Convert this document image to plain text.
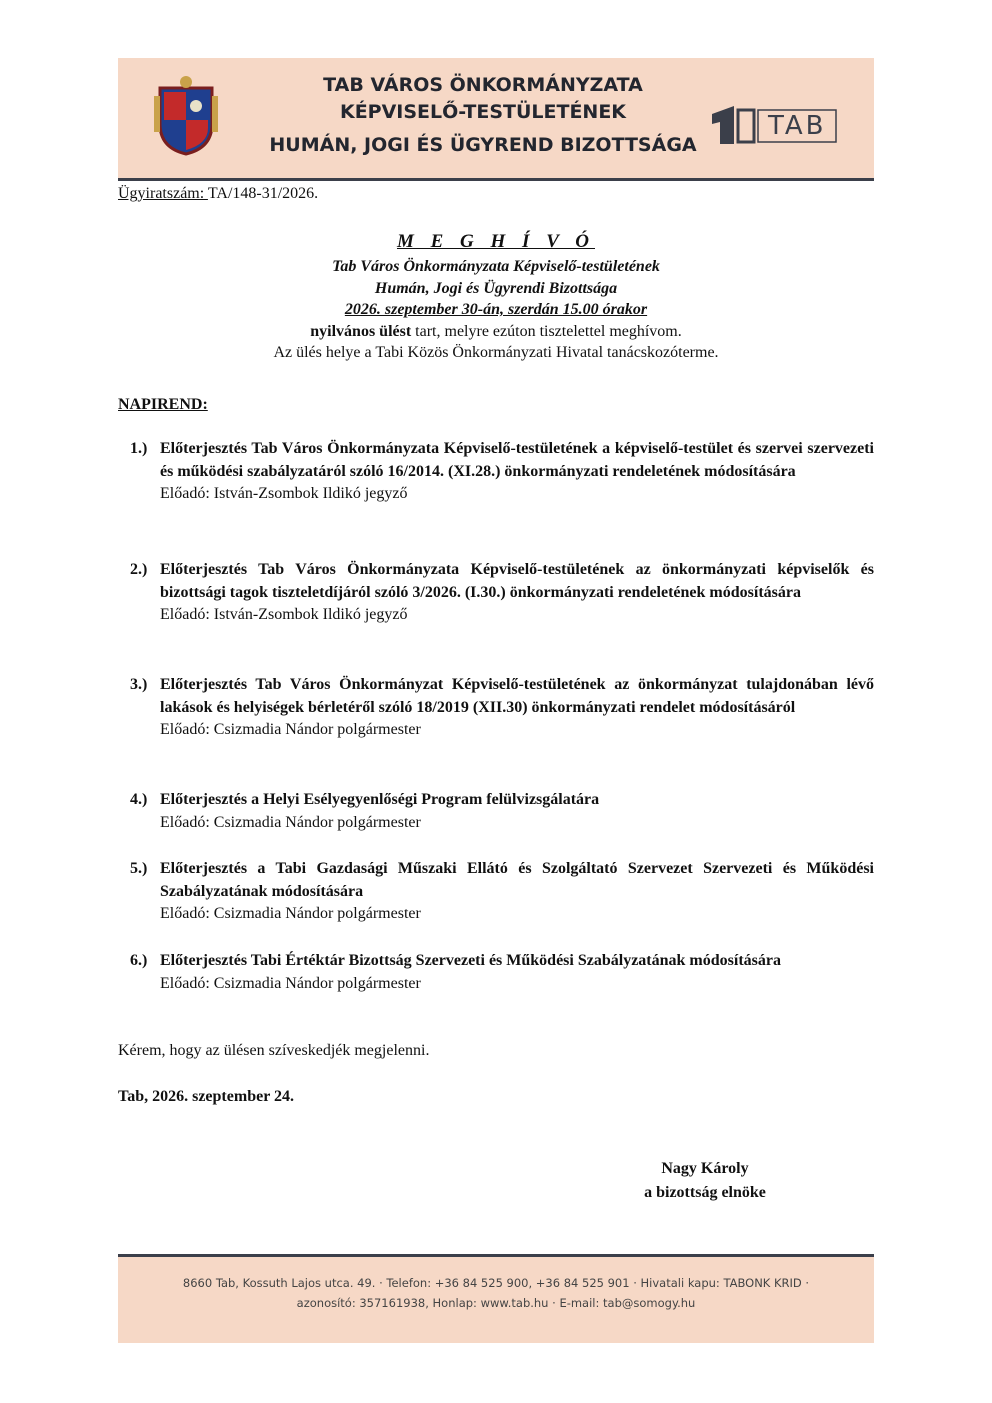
TAB VÁROS ÖNKORMÁNYZATA
KÉPVISELŐ-TESTÜLETÉNEK
HUMÁN, JOGI ÉS ÜGYREND BIZOTTSÁGA
TAB
Ügyiratszám: TA/148-31/2026.
M E G H Í V Ó
Tab Város Önkormányzata Képviselő-testületének
Humán, Jogi és Ügyrendi Bizottsága
2026. szeptember 30-án, szerdán 15.00 órakor
nyilvános ülést tart, melyre ezúton tisztelettel meghívom.
Az ülés helye a Tabi Közös Önkormányzati Hivatal tanácskozóterme.
NAPIREND:
1.) Előterjesztés Tab Város Önkormányzata Képviselő-testületének a képviselő-testület és szervei szervezeti és működési szabályzatáról szóló 16/2014. (XI.28.) önkormányzati rendeletének módosítására
Előadó: István-Zsombok Ildikó jegyző
2.) Előterjesztés Tab Város Önkormányzata Képviselő-testületének az önkormányzati képviselők és bizottsági tagok tiszteletdíjáról szóló 3/2026. (I.30.) önkormányzati rendeletének módosítására
Előadó: István-Zsombok Ildikó jegyző
3.) Előterjesztés Tab Város Önkormányzat Képviselő-testületének az önkormányzat tulajdonában lévő lakások és helyiségek bérletéről szóló 18/2019 (XII.30) önkormányzati rendelet módosításáról
Előadó: Csizmadia Nándor polgármester
4.) Előterjesztés a Helyi Esélyegyenlőségi Program felülvizsgálatára
Előadó: Csizmadia Nándor polgármester
5.) Előterjesztés a Tabi Gazdasági Műszaki Ellátó és Szolgáltató Szervezet Szervezeti és Működési Szabályzatának módosítására
Előadó: Csizmadia Nándor polgármester
6.) Előterjesztés Tabi Értéktár Bizottság Szervezeti és Működési Szabályzatának módosítására
Előadó: Csizmadia Nándor polgármester
Kérem, hogy az ülésen szíveskedjék megjelenni.
Tab, 2026. szeptember 24.
Nagy Károly
a bizottság elnöke
8660 Tab, Kossuth Lajos utca. 49. · Telefon: +36 84 525 900, +36 84 525 901 · Hivatali kapu: TABONK KRID ·
azonosító: 357161938, Honlap: www.tab.hu · E-mail: tab@somogy.hu
